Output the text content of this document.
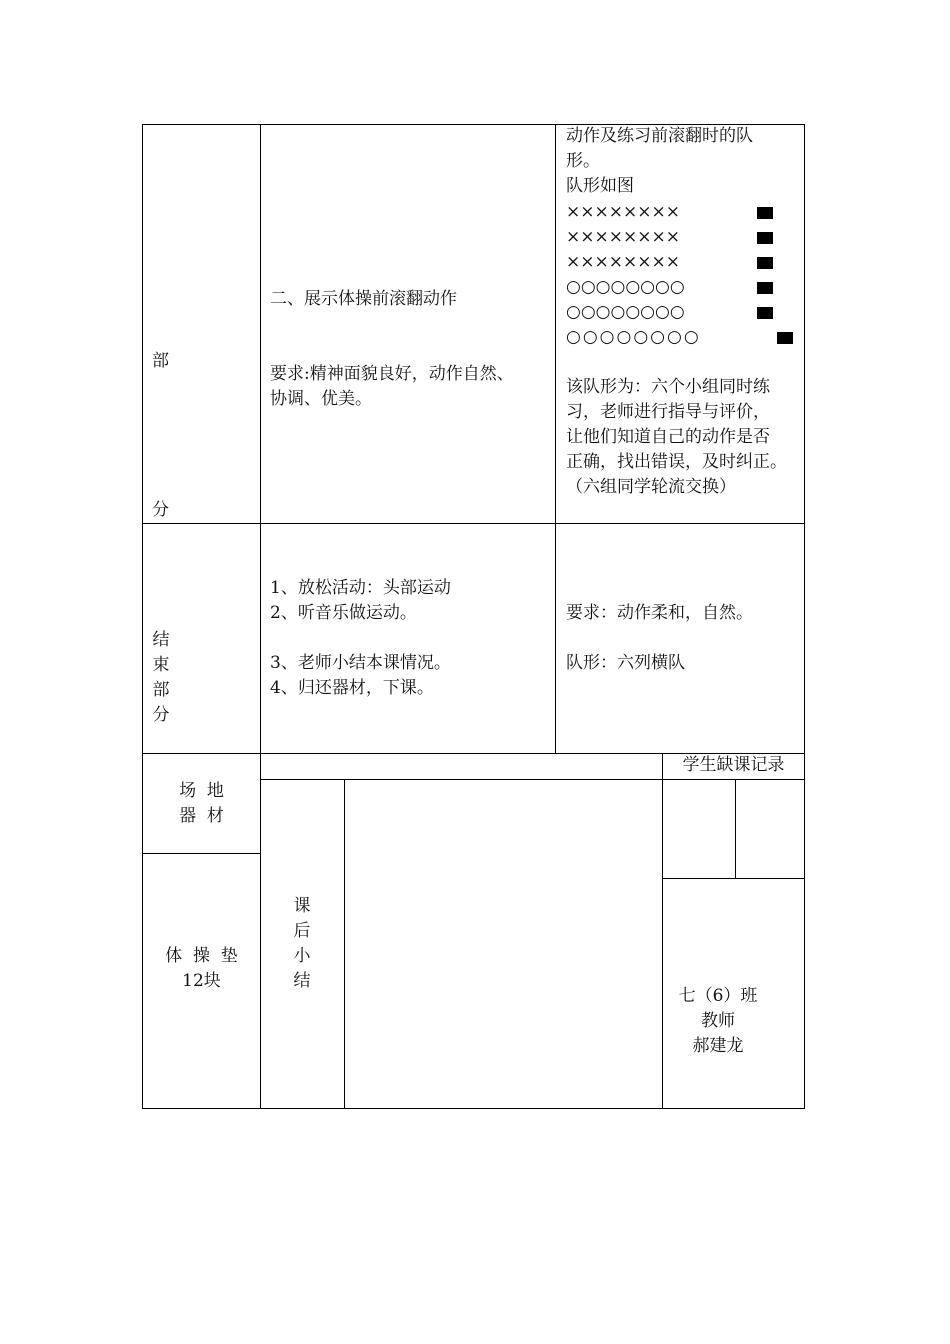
部
分
二、展示体操前滚翻动作
要求:精神面貌良好，动作自然、
协调、优美。
动作及练习前滚翻时的队
形。
队形如图
××××××××
××××××××
××××××××
○○○○○○○○
○○○○○○○○
○○○○○○○○
该队形为：六个小组同时练
习，老师进行指导与评价，
让他们知道自己的动作是否
正确，找出错误，及时纠正。
（六组同学轮流交换）
结
束
部
分
1、放松活动：头部运动
2、听音乐做运动。
3、老师小结本课情况。
4、归还器材，下课。
要求：动作柔和，自然。
队形：六列横队
场  地
器  材
体  操  垫
12块
课
后
小
结
学生缺课记录
七（6）班
教师
郝建龙
